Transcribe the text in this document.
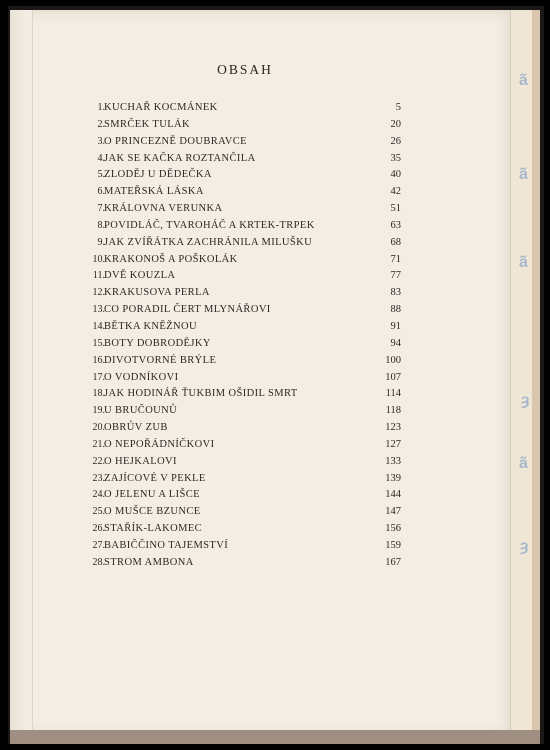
ã
ã
ã
ȝ
ã
ȝ
OBSAH
1. KUCHAŘ KOCMÁNEK	5
2. SMRČEK TULÁK	20
3. O PRINCEZNĚ DOUBRAVCE	26
4. JAK SE KAČKA ROZTANČILA	35
5. ZLODĚJ U DĚDEČKA	40
6. MATEŘSKÁ LÁSKA	42
7. KRÁLOVNA VERUNKA	51
8. POVIDLÁČ, TVAROHÁČ A KRTEK-TRPEK	63
9. JAK ZVÍŘÁTKA ZACHRÁNILA MILUŠKU	68
10. KRAKONOŠ A POŠKOLÁK	71
11. DVĚ KOUZLA	77
12. KRAKUSOVA PERLA	83
13. CO PORADIL ČERT MLYNÁŘOVI	88
14. BĚTKA KNĚŽNOU	91
15. BOTY DOBRODĚJKY	94
16. DIVOTVORNÉ BRÝLE	100
17. O VODNÍKOVI	107
18. JAK HODINÁŘ ŤUKBIM OŠIDIL SMRT	114
19. U BRUČOUNŮ	118
20. OBRŮV ZUB	123
21. O NEPOŘÁDNÍČKOVI	127
22. O HEJKALOVI	133
23. ZAJÍCOVÉ V PEKLE	139
24. O JELENU A LIŠCE	144
25. O MUŠCE BZUNCE	147
26. STAŘÍK-LAKOMEC	156
27. BABIČČINO TAJEMSTVÍ	159
28. STROM AMBONA	167
